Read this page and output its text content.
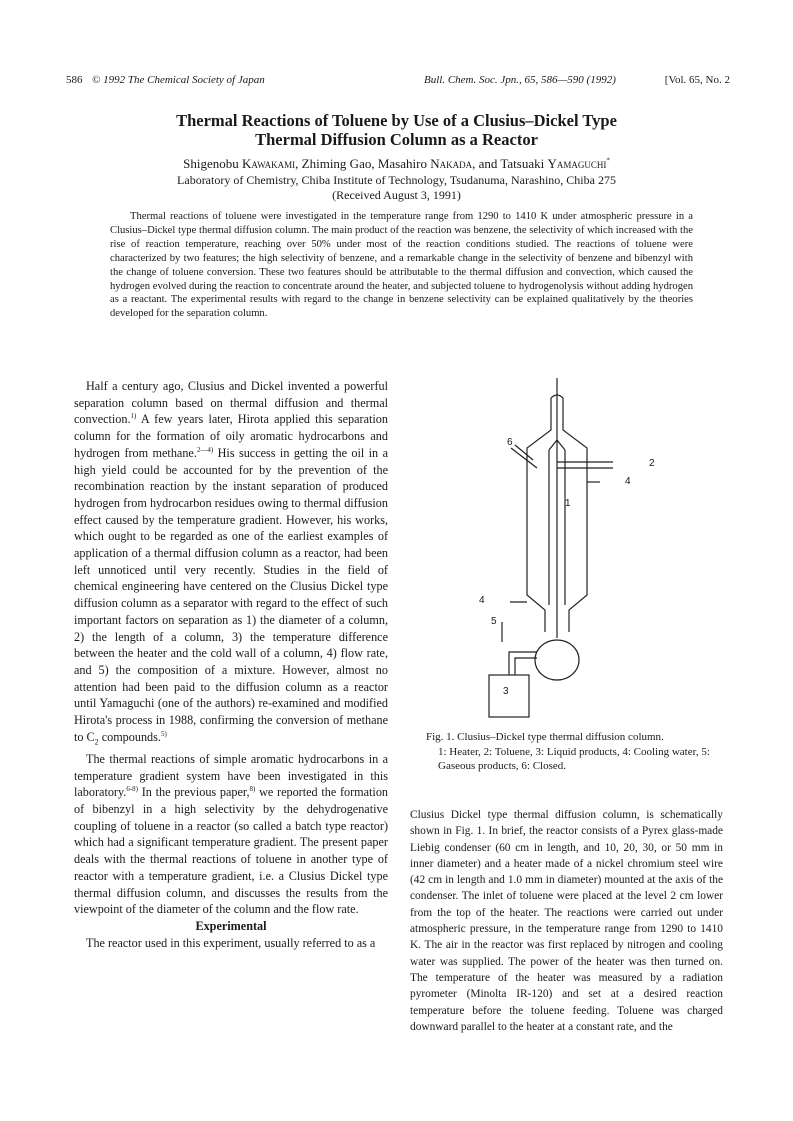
586 © 1992 The Chemical Society of Japan	Bull. Chem. Soc. Jpn., 65, 586—590 (1992)	[Vol. 65, No. 2
Thermal Reactions of Toluene by Use of a Clusius–Dickel Type
Thermal Diffusion Column as a Reactor
Shigenobu Kawakami, Zhiming Gao, Masahiro Nakada, and Tatsuaki Yamaguchi*
Laboratory of Chemistry, Chiba Institute of Technology, Tsudanuma, Narashino, Chiba 275
(Received August 3, 1991)
Thermal reactions of toluene were investigated in the temperature range from 1290 to 1410 K under atmospheric pressure in a Clusius–Dickel type thermal diffusion column. The main product of the reaction was benzene, the selectivity of which increased with the rise of reaction temperature, reaching over 50% under most of the reaction conditions studied. The reactions of toluene were characterized by two features; the high selectivity of benzene, and a remarkable change in the selectivity of benzene and bibenzyl with the change of toluene conversion. These two features should be attributable to the thermal diffusion and convection, which caused the hydrogen evolved during the reaction to concentrate around the heater, and subjected toluene to hydrogenolysis without adding hydrogen as a reactant. The experimental results with regard to the change in benzene selectivity can be explained qualitatively by the theories developed for the separation column.

Half a century ago, Clusius and Dickel invented a powerful separation column based on thermal diffusion and thermal convection.$^{1)}$ A few years later, Hirota applied this separation column for the formation of oily aromatic hydrocarbons and hydrogen from methane.$^{2—4)}$ His success in getting the oil in a high yield could be accounted for by the prevention of the recombination reaction by the instant separation of produced hydrogen from hydrocarbon residues owing to thermal diffusion effect caused by the temperature gradient. However, his works, which ought to be regarded as one of the earliest examples of application of a thermal diffusion column as a reactor, had been left unnoticed until very recently. Studies in the field of chemical engineering have centered on the Clusius Dickel type diffusion column as a separator with regard to the effect of such important factors on separation as 1) the diameter of a column, 2) the length of a column, 3) the temperature difference between the heater and the cold wall of a column, 4) flow rate, and 5) the composition of a mixture. However, almost no attention had been paid to the diffusion column as a reactor until Yamaguchi (one of the authors) re-examined and modified Hirota's process in 1988, confirming the conversion of methane to $C_2$ compounds.$^{5)}$

The thermal reactions of simple aromatic hydrocarbons in a temperature gradient system have been investigated in this laboratory.$^{6-8)}$ In the previous paper,$^{8)}$ we reported the formation of bibenzyl in a high selectivity by the dehydrogenative coupling of toluene in a reactor (so called a batch type reactor) which had a significant temperature gradient. The present paper deals with the thermal reactions of toluene in another type of reactor with a temperature gradient, i.e. a Clusius Dickel type thermal diffusion column, and discusses the results from the viewpoint of the diameter of the column and the flow rate.

Experimental

The reactor used in this experiment, usually referred to as a

6
2
4
1
4
5
3
Fig. 1. Clusius–Dickel type thermal diffusion column.
1: Heater, 2: Toluene, 3: Liquid products, 4: Cooling water, 5: Gaseous products, 6: Closed.

Clusius Dickel type thermal diffusion column, is schematically shown in Fig. 1. In brief, the reactor consists of a Pyrex glass-made Liebig condenser (60 cm in length, and 10, 20, 30, or 50 mm in inner diameter) and a heater made of a nickel chromium steel wire (42 cm in length and 1.0 mm in diameter) mounted at the axis of the condenser. The inlet of toluene were placed at the level 2 cm lower from the top of the heater. The reactions were carried out under atmospheric pressure, in the temperature range from 1290 to 1410 K. The air in the reactor was first replaced by nitrogen and cooling water was supplied. The power of the heater was then turned on. The temperature of the heater was measured by a radiation pyrometer (Minolta IR-120) and set at a desired reaction temperature before the toluene feeding. Toluene was charged downward parallel to the heater at a constant rate, and the
